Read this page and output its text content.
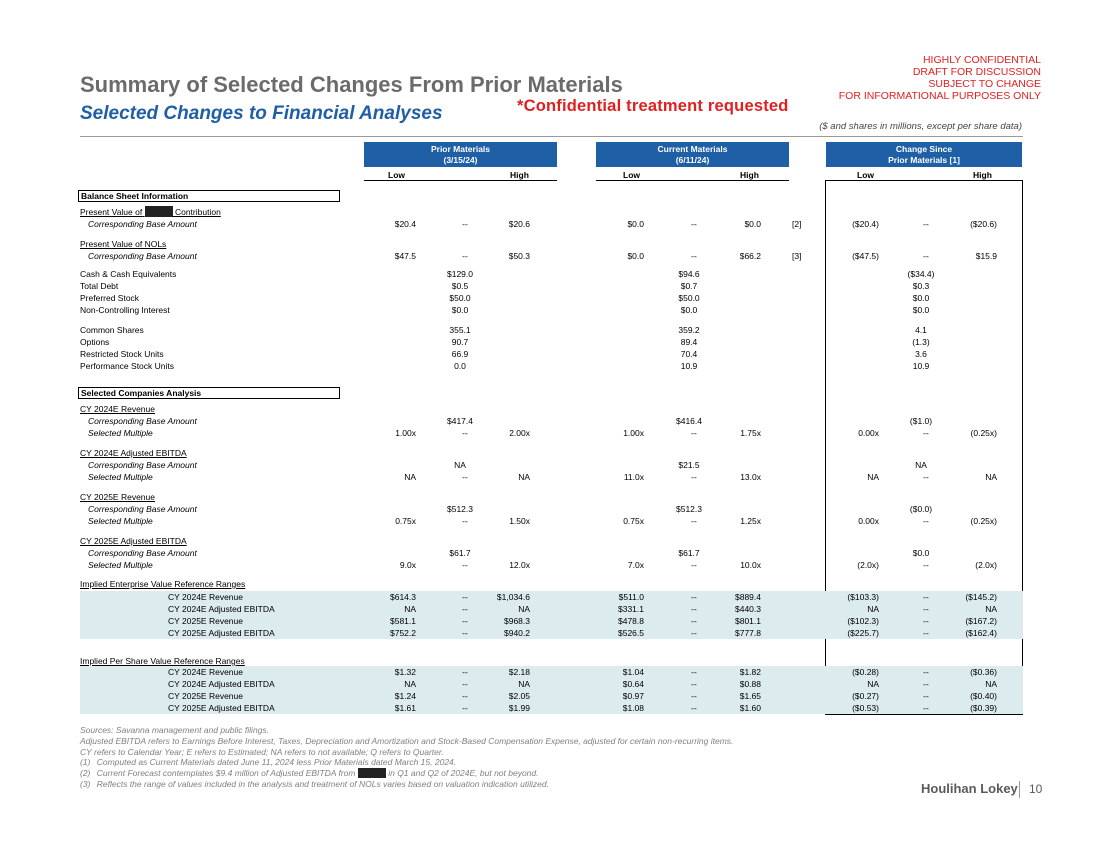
Summary of Selected Changes From Prior Materials
Selected Changes to Financial Analyses	*Confidential treatment requested
HIGHLY CONFIDENTIAL
DRAFT FOR DISCUSSION
SUBJECT TO CHANGE
FOR INFORMATIONAL PURPOSES ONLY
($ and shares in millions, except per share data)
Prior Materials
(3/15/24)
Current Materials
(6/11/24)
Change Since
Prior Materials [1]
Low	High	Low	High	Low	High
Balance Sheet Information
Present Value of	Contribution
Corresponding Base Amount	$20.4	--	$20.6	$0.0	--	$0.0	[2]	($20.4)	--	($20.6)
Present Value of NOLs
Corresponding Base Amount	$47.5	--	$50.3	$0.0	--	$66.2	[3]	($47.5)	--	$15.9
Cash & Cash Equivalents	$129.0	$94.6	($34.4)
Total Debt	$0.5	$0.7	$0.3
Preferred Stock	$50.0	$50.0	$0.0
Non-Controlling Interest	$0.0	$0.0	$0.0
Common Shares	355.1	359.2	4.1
Options	90.7	89.4	(1.3)
Restricted Stock Units	66.9	70.4	3.6
Performance Stock Units	0.0	10.9	10.9
Selected Companies Analysis
CY 2024E Revenue
Corresponding Base Amount	$417.4	$416.4	($1.0)
Selected Multiple	1.00x	--	2.00x	1.00x	--	1.75x	0.00x	--	(0.25x)
CY 2024E Adjusted EBITDA
Corresponding Base Amount	NA	$21.5	NA
Selected Multiple	NA	--	NA	11.0x	--	13.0x	NA	--	NA
CY 2025E Revenue
Corresponding Base Amount	$512.3	$512.3	($0.0)
Selected Multiple	0.75x	--	1.50x	0.75x	--	1.25x	0.00x	--	(0.25x)
CY 2025E Adjusted EBITDA
Corresponding Base Amount	$61.7	$61.7	$0.0
Selected Multiple	9.0x	--	12.0x	7.0x	--	10.0x	(2.0x)	--	(2.0x)
Implied Enterprise Value Reference Ranges
CY 2024E Revenue	$614.3	--	$1,034.6	$511.0	--	$889.4	($103.3)	--	($145.2)
CY 2024E Adjusted EBITDA	NA	--	NA	$331.1	--	$440.3	NA	--	NA
CY 2025E Revenue	$581.1	--	$968.3	$478.8	--	$801.1	($102.3)	--	($167.2)
CY 2025E Adjusted EBITDA	$752.2	--	$940.2	$526.5	--	$777.8	($225.7)	--	($162.4)
Implied Per Share Value Reference Ranges
CY 2024E Revenue	$1.32	--	$2.18	$1.04	--	$1.82	($0.28)	--	($0.36)
CY 2024E Adjusted EBITDA	NA	--	NA	$0.64	--	$0.88	NA	--	NA
CY 2025E Revenue	$1.24	--	$2.05	$0.97	--	$1.65	($0.27)	--	($0.40)
CY 2025E Adjusted EBITDA	$1.61	--	$1.99	$1.08	--	$1.60	($0.53)	--	($0.39)
Sources: Savanna management and public filings.
Adjusted EBITDA refers to Earnings Before Interest, Taxes, Depreciation and Amortization and Stock-Based Compensation Expense, adjusted for certain non-recurring items.
CY refers to Calendar Year; E refers to Estimated; NA refers to not available; Q refers to Quarter.
(1) Computed as Current Materials dated June 11, 2024 less Prior Materials dated March 15, 2024.
(2) Current Forecast contemplates $9.4 million of Adjusted EBITDA from	in Q1 and Q2 of 2024E, but not beyond.
(3) Reflects the range of values included in the analysis and treatment of NOLs varies based on valuation indication utilized.	Houlihan Lokey 10
